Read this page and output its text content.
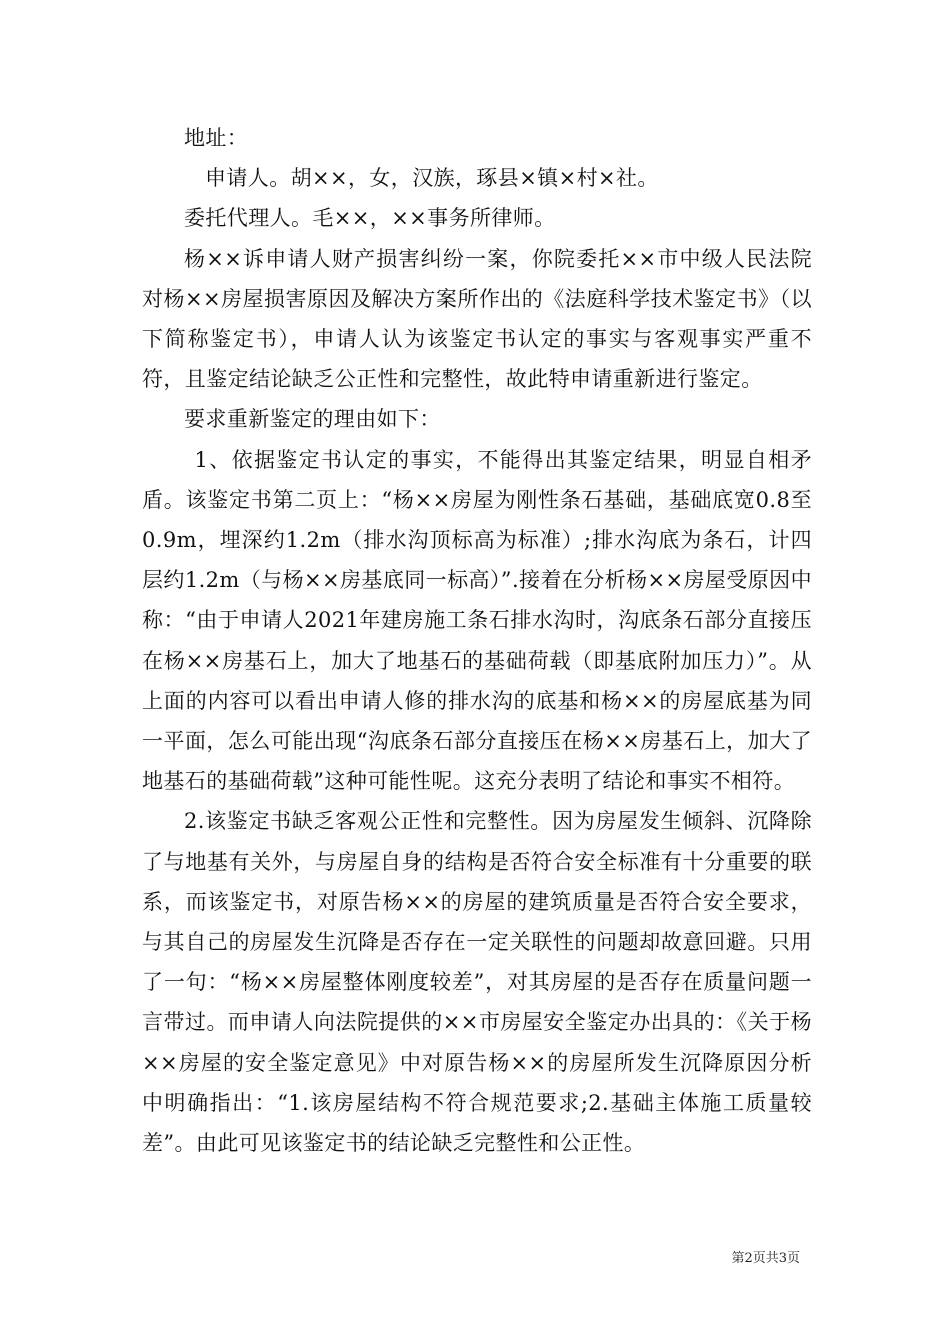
地址：

申请人。胡××，女，汉族，琢县×镇×村×社。

委托代理人。毛××，××事务所律师。

杨××诉申请人财产损害纠纷一案，你院委托××市中级人民法院对杨××房屋损害原因及解决方案所作出的《法庭科学技术鉴定书》（以下简称鉴定书），申请人认为该鉴定书认定的事实与客观事实严重不符，且鉴定结论缺乏公正性和完整性，故此特申请重新进行鉴定。

要求重新鉴定的理由如下：

1、依据鉴定书认定的事实，不能得出其鉴定结果，明显自相矛盾。该鉴定书第二页上：“杨××房屋为刚性条石基础，基础底宽0.8至0.9m，埋深约1.2m（排水沟顶标高为标准）;排水沟底为条石，计四层约1.2m（与杨××房基底同一标高）”.接着在分析杨××房屋受原因中称：“由于申请人2021年建房施工条石排水沟时，沟底条石部分直接压在杨××房基石上，加大了地基石的基础荷载（即基底附加压力）”。从上面的内容可以看出申请人修的排水沟的底基和杨××的房屋底基为同一平面，怎么可能出现“沟底条石部分直接压在杨××房基石上，加大了地基石的基础荷载”这种可能性呢。这充分表明了结论和事实不相符。

2.该鉴定书缺乏客观公正性和完整性。因为房屋发生倾斜、沉降除了与地基有关外，与房屋自身的结构是否符合安全标准有十分重要的联系，而该鉴定书，对原告杨××的房屋的建筑质量是否符合安全要求，与其自己的房屋发生沉降是否存在一定关联性的问题却故意回避。只用了一句：“杨××房屋整体刚度较差”，对其房屋的是否存在质量问题一言带过。而申请人向法院提供的××市房屋安全鉴定办出具的：《关于杨××房屋的安全鉴定意见》中对原告杨××的房屋所发生沉降原因分析中明确指出：“1.该房屋结构不符合规范要求;2.基础主体施工质量较差”。由此可见该鉴定书的结论缺乏完整性和公正性。

第2页共3页
